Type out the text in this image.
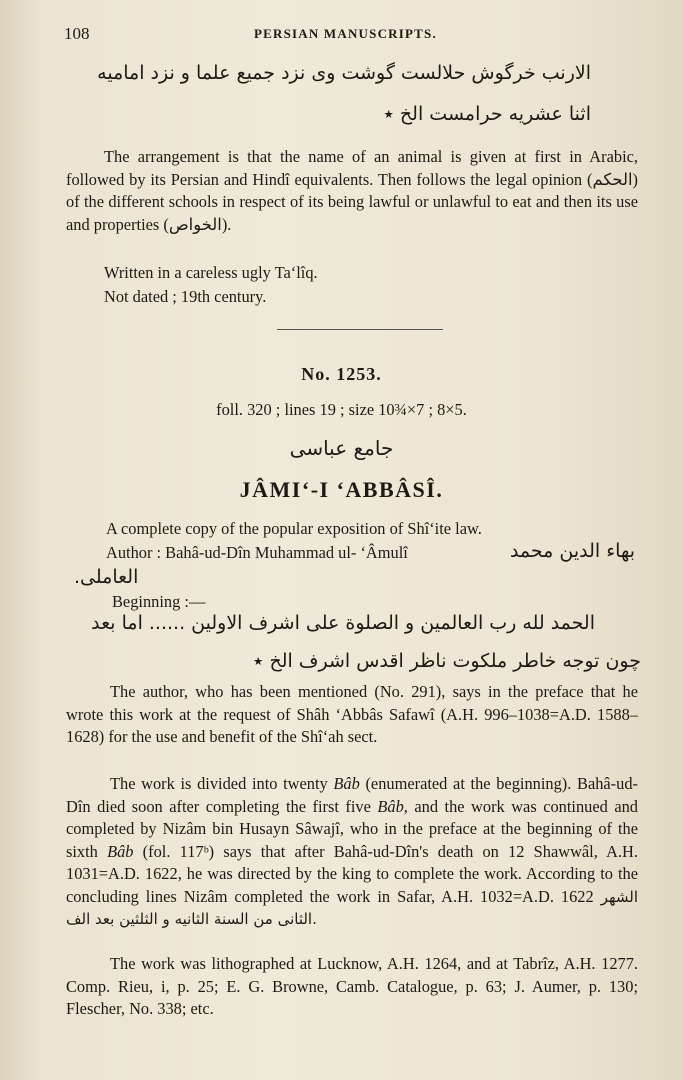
108	PERSIAN MANUSCRIPTS.
الارنب خرگوش حلالست گوشت وی نزد جمیع علما و نزد امامیه
اثنا عشریه حرامست الخ ٭
The arrangement is that the name of an animal is given at first in Arabic, followed by its Persian and Hindî equivalents. Then follows the legal opinion (الحکم) of the different schools in respect of its being lawful or unlawful to eat and then its use and properties (الخواص).
Written in a careless ugly Ta‘lîq.
Not dated ; 19th century.
No. 1253.
foll. 320 ; lines 19 ; size 10¾×7 ; 8×5.
جامع عباسی
JÂMI‘-I ‘ABBÂSÎ.
A complete copy of the popular exposition of Shî‘ite law.
Author : Bahâ-ud-Dîn Muhammad ul- ‘Âmulî	بهاء الدین محمد
العاملی.
Beginning :—
الحمد لله رب العالمین و الصلوة علی اشرف الاولین ...... اما بعد
چون توجه خاطر ملکوت ناظر اقدس اشرف الخ ٭
The author, who has been mentioned (No. 291), says in the preface that he wrote this work at the request of Shâh ‘Abbâs Safawî (A.H. 996–1038=A.D. 1588–1628) for the use and benefit of the Shî‘ah sect.
The work is divided into twenty Bâb (enumerated at the beginning). Bahâ-ud-Dîn died soon after completing the first five Bâb, and the work was continued and completed by Nizâm bin Husayn Sâwajî, who in the preface at the beginning of the sixth Bâb (fol. 117ᵇ) says that after Bahâ-ud-Dîn's death on 12 Shawwâl, A.H. 1031=A.D. 1622, he was directed by the king to complete the work. According to the concluding lines Nizâm completed the work in Safar, A.H. 1032=A.D. 1622 الشهر الثانی من السنة الثانیه و الثلثین بعد الف.
The work was lithographed at Lucknow, A.H. 1264, and at Tabrîz, A.H. 1277. Comp. Rieu, i, p. 25; E. G. Browne, Camb. Catalogue, p. 63; J. Aumer, p. 130; Flescher, No. 338; etc.
